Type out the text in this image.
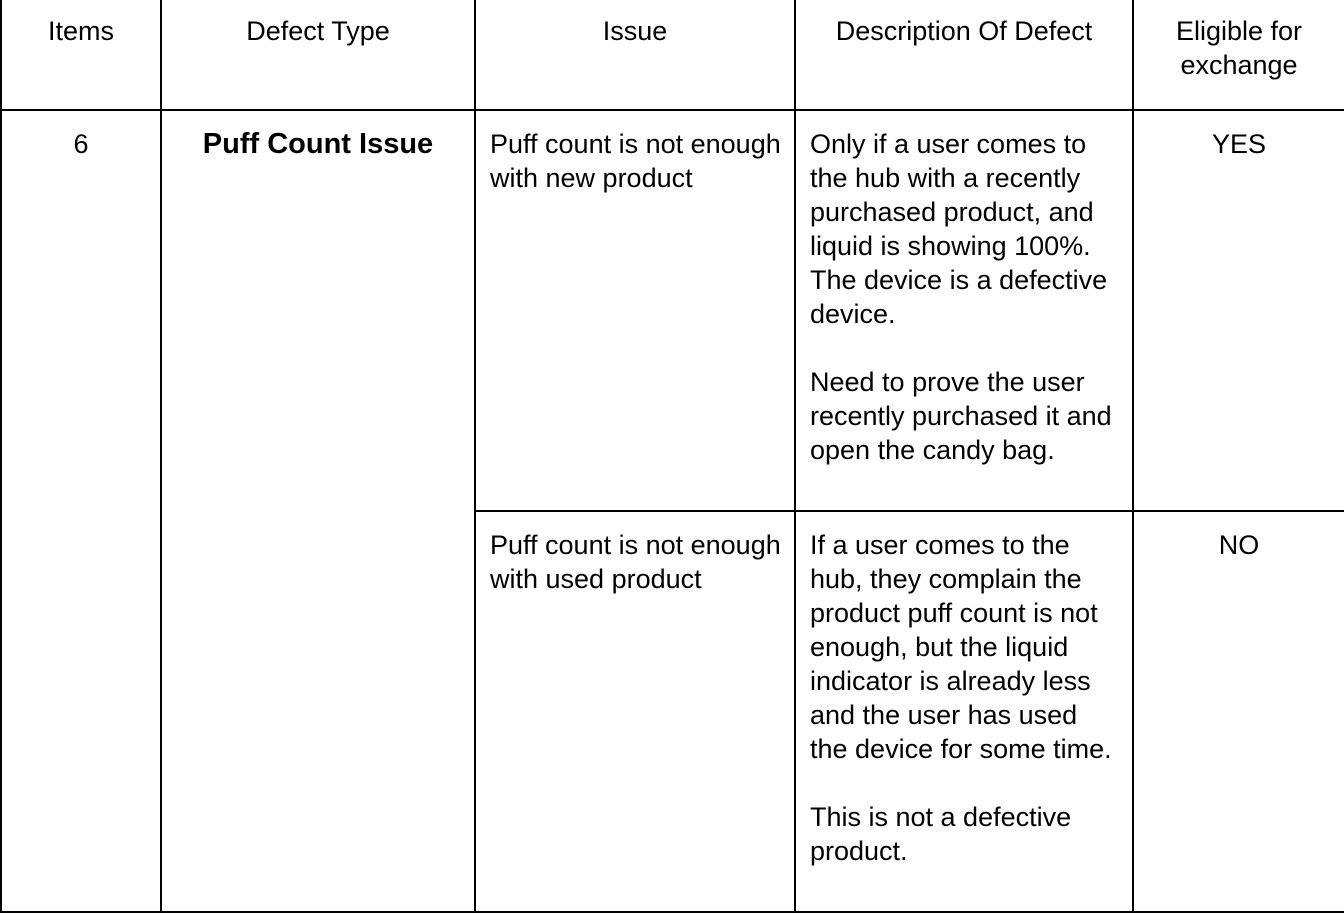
Items	Defect Type	Issue	Description Of Defect	Eligible for exchange

6	Puff Count Issue	Puff count is not enough with new product	Only if a user comes to the hub with a recently purchased product, and liquid is showing 100%. The device is a defective device.
Need to prove the user recently purchased it and open the candy bag.	YES
		Puff count is not enough with used product	If a user comes to the hub, they complain the product puff count is not enough, but the liquid indicator is already less and the user has used the device for some time.
This is not a defective product.	NO
